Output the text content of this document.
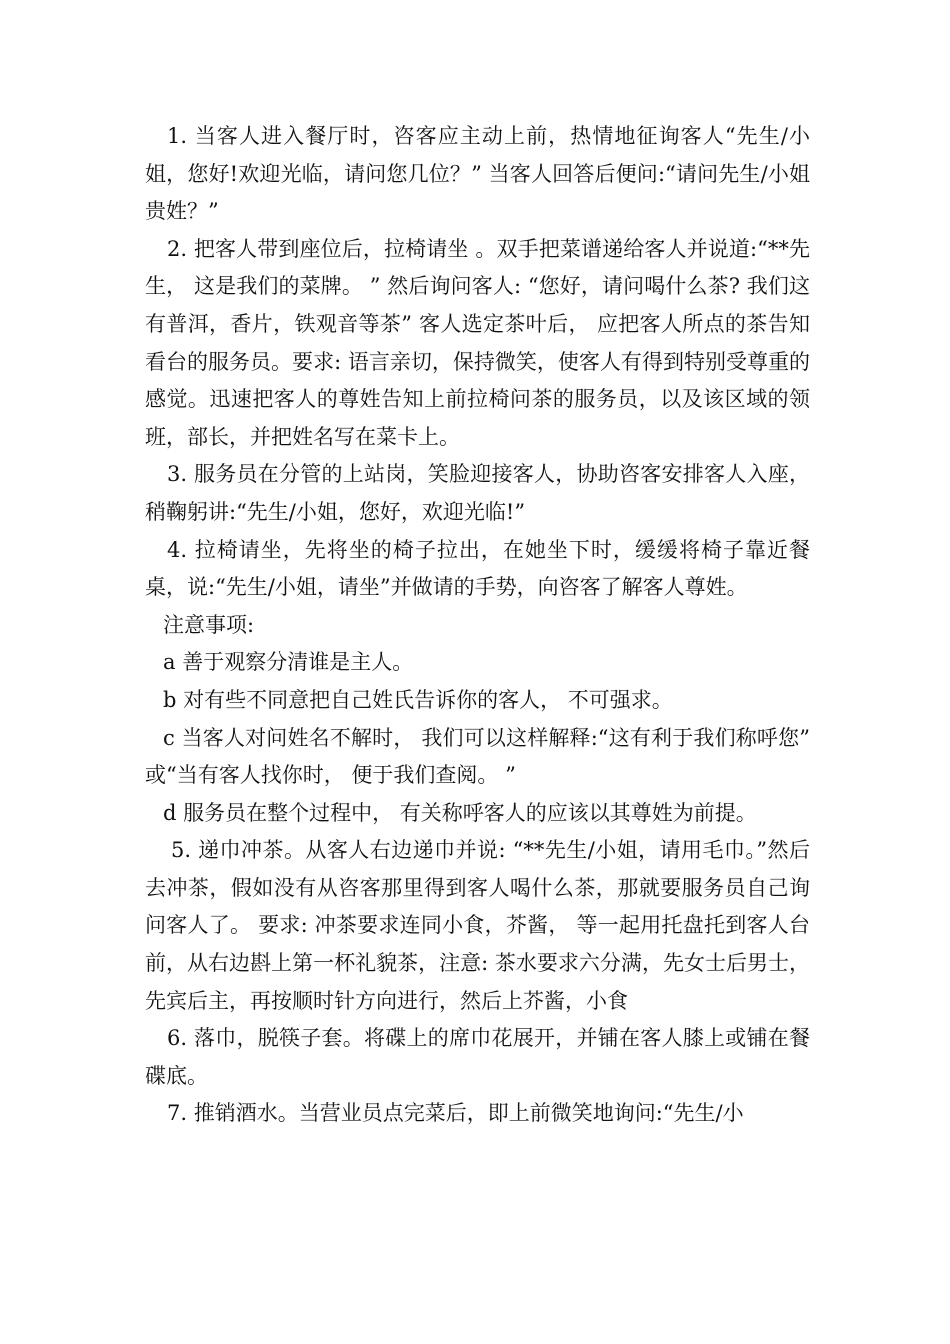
1. 当客人进入餐厅时，咨客应主动上前，热情地征询客人“先生/小姐，您好!欢迎光临，请问您几位？” 当客人回答后便问:“请问先生/小姐贵姓？”

2. 把客人带到座位后，拉椅请坐 。双手把菜谱递给客人并说道:“**先生， 这是我们的菜牌。 ” 然后询问客人: “您好，请问喝什么茶? 我们这有普洱，香片，铁观音等茶” 客人选定茶叶后， 应把客人所点的茶告知看台的服务员。要求: 语言亲切，保持微笑，使客人有得到特别受尊重的感觉。迅速把客人的尊姓告知上前拉椅问茶的服务员，以及该区域的领班，部长，并把姓名写在菜卡上。

3. 服务员在分管的上站岗，笑脸迎接客人，协助咨客安排客人入座，稍鞠躬讲:“先生/小姐，您好，欢迎光临!”

4. 拉椅请坐，先将坐的椅子拉出，在她坐下时，缓缓将椅子靠近餐桌，说:“先生/小姐，请坐”并做请的手势，向咨客了解客人尊姓。

注意事项:

a 善于观察分清谁是主人。

b 对有些不同意把自己姓氏告诉你的客人， 不可强求。

c 当客人对问姓名不解时， 我们可以这样解释:“这有利于我们称呼您” 或“当有客人找你时， 便于我们查阅。 ”

d 服务员在整个过程中， 有关称呼客人的应该以其尊姓为前提。

5. 递巾冲茶。从客人右边递巾并说: “**先生/小姐，请用毛巾。”然后去冲茶，假如没有从咨客那里得到客人喝什么茶，那就要服务员自己询问客人了。 要求: 冲茶要求连同小食，芥酱， 等一起用托盘托到客人台前，从右边斟上第一杯礼貌茶，注意: 茶水要求六分满，先女士后男士，先宾后主，再按顺时针方向进行，然后上芥酱，小食

6. 落巾，脱筷子套。将碟上的席巾花展开，并铺在客人膝上或铺在餐碟底。

7. 推销酒水。当营业员点完菜后，即上前微笑地询问:“先生/小
